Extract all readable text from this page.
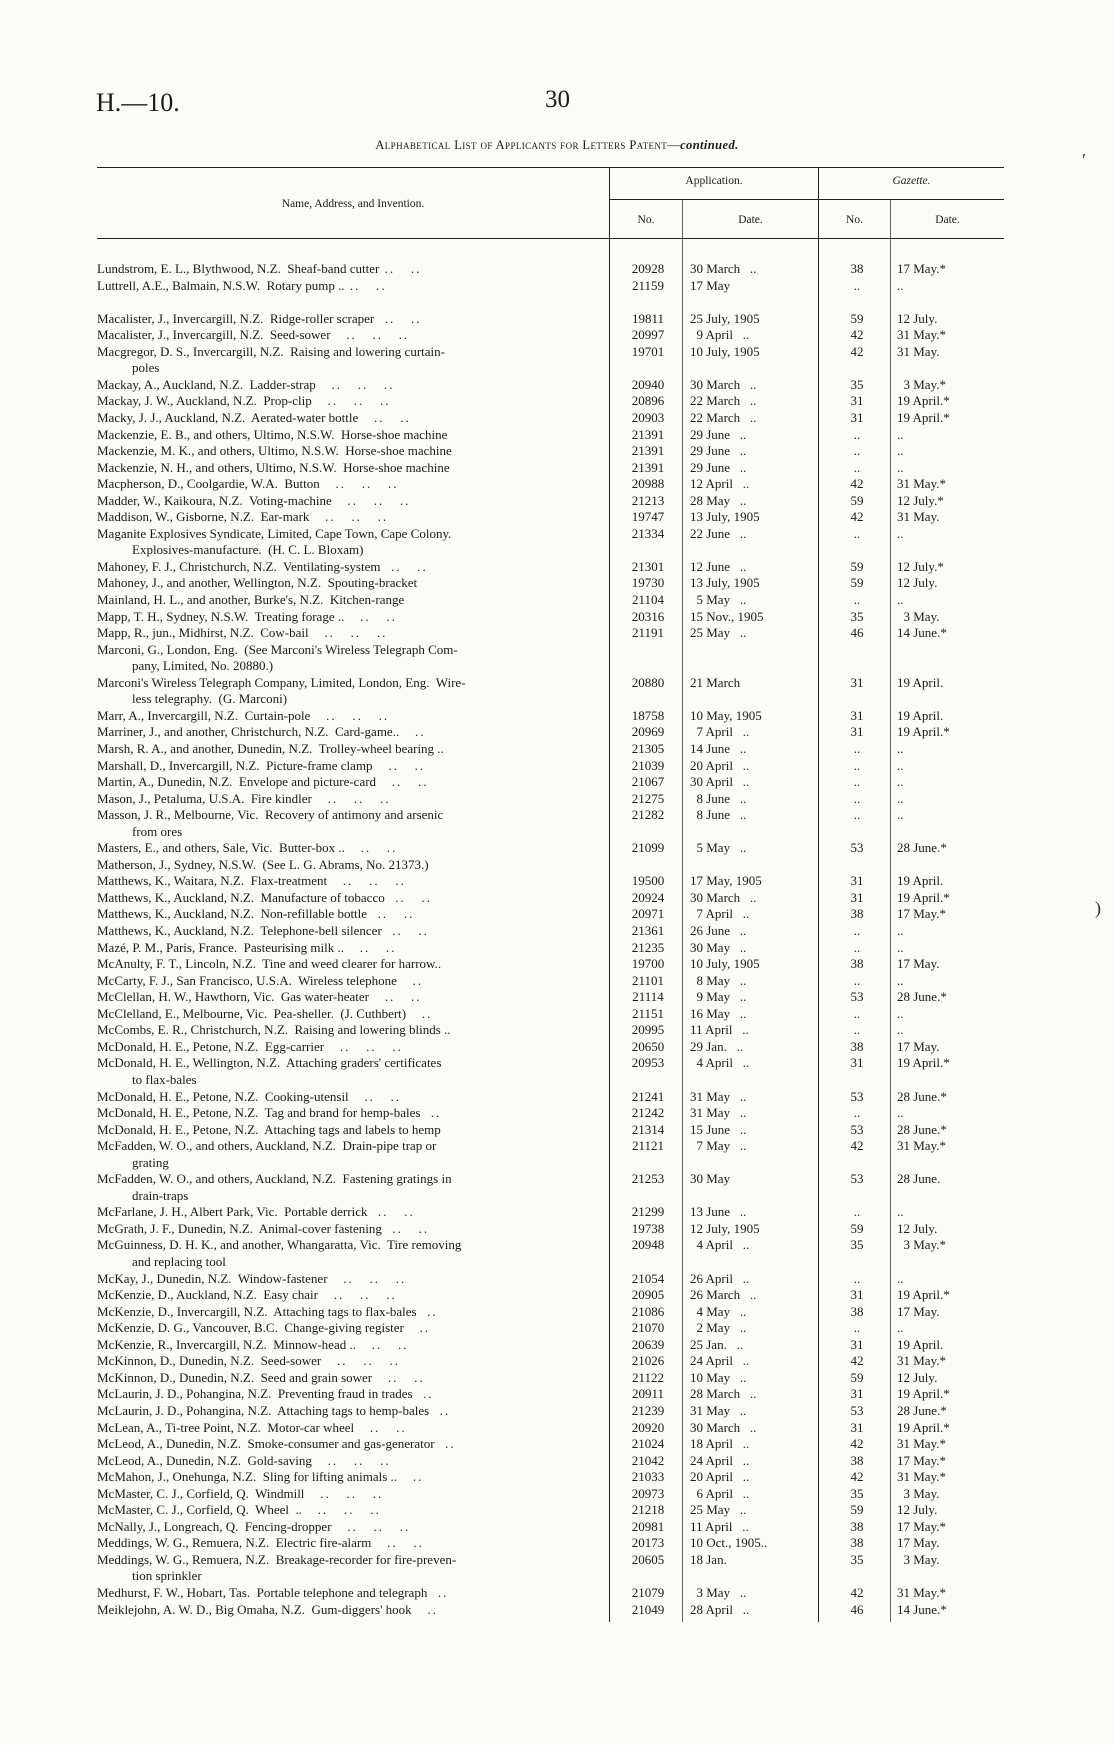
H.—10.	30
Alphabetical List of Applicants for Letters Patent—continued.
Name, Address, and Invention.
Application.	Gazette.
No.	Date.	No.	Date.
Lundstrom, E. L., Blythwood, N.Z.  Sheaf-band cutter ..   ..	20928	30 March   ..	38	17 May.*
Luttrell, A.E., Balmain, N.S.W.  Rotary pump .. ..   ..	21159	17 May	..	..
Macalister, J., Invercargill, N.Z.  Ridge-roller scraper  ..   ..	19811	25 July, 1905	59	12 July.
Macalister, J., Invercargill, N.Z.  Seed-sower   ..   ..   ..	20997	9 April   ..	42	31 May.*
Macgregor, D. S., Invercargill, N.Z.  Raising and lowering curtain-	19701	10 July, 1905	42	31 May.
poles
Mackay, A., Auckland, N.Z.  Ladder-strap   ..   ..   ..	20940	30 March   ..	35	3 May.*
Mackay, J. W., Auckland, N.Z.  Prop-clip   ..   ..   ..	20896	22 March   ..	31	19 April.*
Macky, J. J., Auckland, N.Z.  Aerated-water bottle   ..   ..	20903	22 March   ..	31	19 April.*
Mackenzie, E. B., and others, Ultimo, N.S.W.  Horse-shoe machine	21391	29 June   ..	..	..
Mackenzie, M. K., and others, Ultimo, N.S.W.  Horse-shoe machine	21391	29 June   ..	..	..
Mackenzie, N. H., and others, Ultimo, N.S.W.  Horse-shoe machine	21391	29 June   ..	..	..
Macpherson, D., Coolgardie, W.A.  Button   ..   ..   ..	20988	12 April   ..	42	31 May.*
Madder, W., Kaikoura, N.Z.  Voting-machine   ..   ..   ..	21213	28 May   ..	59	12 July.*
Maddison, W., Gisborne, N.Z.  Ear-mark   ..   ..   ..	19747	13 July, 1905	42	31 May.
Maganite Explosives Syndicate, Limited, Cape Town, Cape Colony.	21334	22 June   ..	..	..
Explosives-manufacture.  (H. C. L. Bloxam)
Mahoney, F. J., Christchurch, N.Z.  Ventilating-system  ..   ..	21301	12 June   ..	59	12 July.*
Mahoney, J., and another, Wellington, N.Z.  Spouting-bracket	19730	13 July, 1905	59	12 July.
Mainland, H. L., and another, Burke's, N.Z.  Kitchen-range	21104	5 May   ..	..	..
Mapp, T. H., Sydney, N.S.W.  Treating forage ..   ..   ..	20316	15 Nov., 1905	35	3 May.
Mapp, R., jun., Midhirst, N.Z.  Cow-bail   ..   ..   ..	21191	25 May   ..	46	14 June.*
Marconi, G., London, Eng.  (See Marconi's Wireless Telegraph Com-
pany, Limited, No. 20880.)
Marconi's Wireless Telegraph Company, Limited, London, Eng.  Wire-	20880	21 March	31	19 April.
less telegraphy.  (G. Marconi)
Marr, A., Invercargill, N.Z.  Curtain-pole   ..   ..   ..	18758	10 May, 1905	31	19 April.
Marriner, J., and another, Christchurch, N.Z.  Card-game..   ..	20969	7 April   ..	31	19 April.*
Marsh, R. A., and another, Dunedin, N.Z.  Trolley-wheel bearing ..	21305	14 June   ..	..	..
Marshall, D., Invercargill, N.Z.  Picture-frame clamp   ..   ..	21039	20 April   ..	..	..
Martin, A., Dunedin, N.Z.  Envelope and picture-card   ..   ..	21067	30 April   ..	..	..
Mason, J., Petaluma, U.S.A.  Fire kindler   ..   ..   ..	21275	8 June   ..	..	..
Masson, J. R., Melbourne, Vic.  Recovery of antimony and arsenic	21282	8 June   ..	..	..
from ores
Masters, E., and others, Sale, Vic.  Butter-box ..   ..   ..	21099	5 May   ..	53	28 June.*
Matherson, J., Sydney, N.S.W.  (See L. G. Abrams, No. 21373.)
Matthews, K., Waitara, N.Z.  Flax-treatment   ..   ..   ..	19500	17 May, 1905	31	19 April.
Matthews, K., Auckland, N.Z.  Manufacture of tobacco  ..   ..	20924	30 March   ..	31	19 April.*
Matthews, K., Auckland, N.Z.  Non-refillable bottle  ..   ..	20971	7 April   ..	38	17 May.*
Matthews, K., Auckland, N.Z.  Telephone-bell silencer  ..   ..	21361	26 June   ..	..	..
Mazé, P. M., Paris, France.  Pasteurising milk ..   ..   ..	21235	30 May   ..	..	..
McAnulty, F. T., Lincoln, N.Z.  Tine and weed clearer for harrow..	19700	10 July, 1905	38	17 May.
McCarty, F. J., San Francisco, U.S.A.  Wireless telephone   ..	21101	8 May   ..	..	..
McClellan, H. W., Hawthorn, Vic.  Gas water-heater   ..   ..	21114	9 May   ..	53	28 June.*
McClelland, E., Melbourne, Vic.  Pea-sheller.  (J. Cuthbert)   ..	21151	16 May   ..	..	..
McCombs, E. R., Christchurch, N.Z.  Raising and lowering blinds ..	20995	11 April   ..	..	..
McDonald, H. E., Petone, N.Z.  Egg-carrier   ..   ..   ..	20650	29 Jan.   ..	38	17 May.
McDonald, H. E., Wellington, N.Z.  Attaching graders' certificates	20953	4 April   ..	31	19 April.*
to flax-bales
McDonald, H. E., Petone, N.Z.  Cooking-utensil   ..   ..	21241	31 May   ..	53	28 June.*
McDonald, H. E., Petone, N.Z.  Tag and brand for hemp-bales  ..	21242	31 May   ..	..	..
McDonald, H. E., Petone, N.Z.  Attaching tags and labels to hemp	21314	15 June   ..	53	28 June.*
McFadden, W. O., and others, Auckland, N.Z.  Drain-pipe trap or	21121	7 May   ..	42	31 May.*
grating
McFadden, W. O., and others, Auckland, N.Z.  Fastening gratings in	21253	30 May	53	28 June.
drain-traps
McFarlane, J. H., Albert Park, Vic.  Portable derrick  ..   ..	21299	13 June   ..	..	..
McGrath, J. F., Dunedin, N.Z.  Animal-cover fastening  ..   ..	19738	12 July, 1905	59	12 July.
McGuinness, D. H. K., and another, Whangaratta, Vic.  Tire removing	20948	4 April   ..	35	3 May.*
and replacing tool
McKay, J., Dunedin, N.Z.  Window-fastener   ..   ..   ..	21054	26 April   ..	..	..
McKenzie, D., Auckland, N.Z.  Easy chair   ..   ..   ..	20905	26 March   ..	31	19 April.*
McKenzie, D., Invercargill, N.Z.  Attaching tags to flax-bales  ..	21086	4 May   ..	38	17 May.
McKenzie, D. G., Vancouver, B.C.  Change-giving register   ..	21070	2 May   ..	..	..
McKenzie, R., Invercargill, N.Z.  Minnow-head ..   ..   ..	20639	25 Jan.   ..	31	19 April.
McKinnon, D., Dunedin, N.Z.  Seed-sower   ..   ..   ..	21026	24 April   ..	42	31 May.*
McKinnon, D., Dunedin, N.Z.  Seed and grain sower   ..   ..	21122	10 May   ..	59	12 July.
McLaurin, J. D., Pohangina, N.Z.  Preventing fraud in trades  ..	20911	28 March   ..	31	19 April.*
McLaurin, J. D., Pohangina, N.Z.  Attaching tags to hemp-bales  ..	21239	31 May   ..	53	28 June.*
McLean, A., Ti-tree Point, N.Z.  Motor-car wheel   ..   ..	20920	30 March   ..	31	19 April.*
McLeod, A., Dunedin, N.Z.  Smoke-consumer and gas-generator  ..	21024	18 April   ..	42	31 May.*
McLeod, A., Dunedin, N.Z.  Gold-saving   ..   ..   ..	21042	24 April   ..	38	17 May.*
McMahon, J., Onehunga, N.Z.  Sling for lifting animals ..   ..	21033	20 April   ..	42	31 May.*
McMaster, C. J., Corfield, Q.  Windmill   ..   ..   ..	20973	6 April   ..	35	3 May.
McMaster, C. J., Corfield, Q.  Wheel  ..   ..   ..   ..	21218	25 May   ..	59	12 July.
McNally, J., Longreach, Q.  Fencing-dropper   ..   ..   ..	20981	11 April   ..	38	17 May.*
Meddings, W. G., Remuera, N.Z.  Electric fire-alarm   ..   ..	20173	10 Oct., 1905..	38	17 May.
Meddings, W. G., Remuera, N.Z.  Breakage-recorder for fire-preven-	20605	18 Jan.	35	3 May.
tion sprinkler
Medhurst, F. W., Hobart, Tas.  Portable telephone and telegraph  ..	21079	3 May   ..	42	31 May.*
Meiklejohn, A. W. D., Big Omaha, N.Z.  Gum-diggers' hook   ..	21049	28 April   ..	46	14 June.*
′
)
